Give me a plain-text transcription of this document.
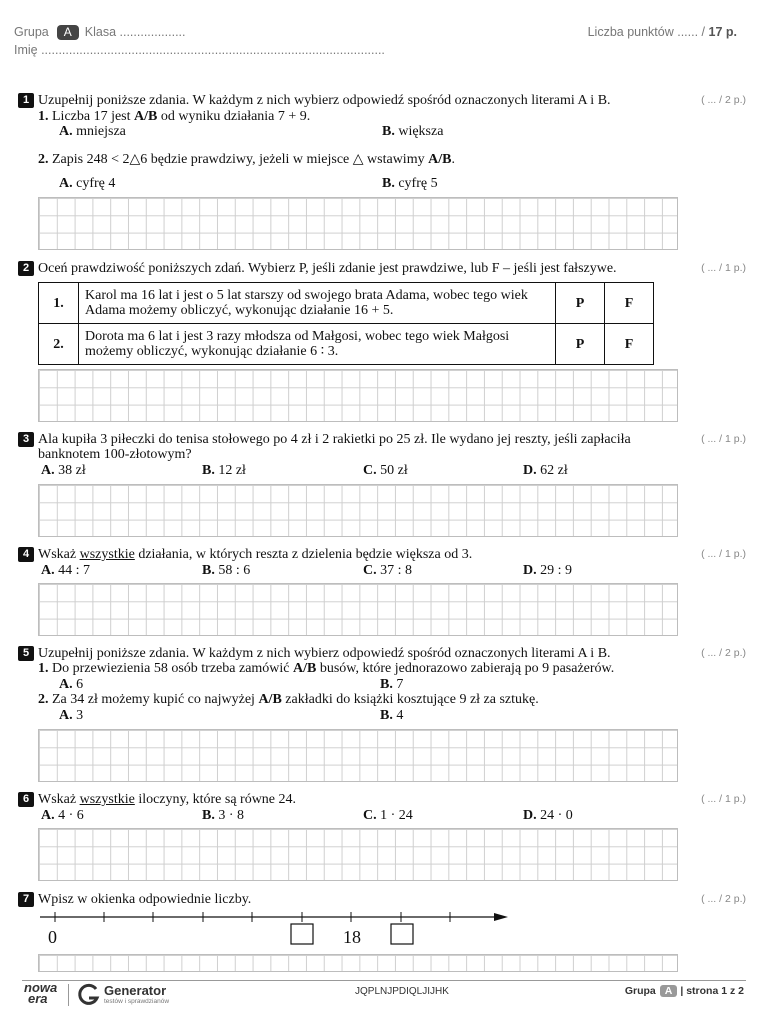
Grupa A Klasa ...................	Liczba punktów ...... / 17 p.
Imię ...................................................................................................
1 Uzupełnij poniższe zdania. W każdym z nich wybierz odpowiedź spośród oznaczonych literami A i B.	( ... / 2 p.)
1. Liczba 17 jest A/B od wyniku działania 7 + 9.
A. mniejsza	B. większa
2. Zapis 248 < 2△6 będzie prawdziwy, jeżeli w miejsce △ wstawimy A/B.
A. cyfrę 4	B. cyfrę 5
2 Oceń prawdziwość poniższych zdań. Wybierz P, jeśli zdanie jest prawdziwe, lub F – jeśli jest fałszywe.	( ... / 1 p.)
1.	Karol ma 16 lat i jest o 5 lat starszy od swojego brata Adama, wobec tego wiek
Adama możemy obliczyć, wykonując działanie 16 + 5.	P	F
2.	Dorota ma 6 lat i jest 3 razy młodsza od Małgosi, wobec tego wiek Małgosi
możemy obliczyć, wykonując działanie 6 ∶ 3.	P	F
3 Ala kupiła 3 piłeczki do tenisa stołowego po 4 zł i 2 rakietki po 25 zł. Ile wydano jej reszty, jeśli zapłaciła
banknotem 100-złotowym?
( ... / 1 p.)
A. 38 zł	B. 12 zł	C. 50 zł	D. 62 zł
4 Wskaż wszystkie działania, w których reszta z dzielenia będzie większa od 3.	( ... / 1 p.)
A. 44 : 7	B. 58 : 6	C. 37 : 8	D. 29 : 9
5 Uzupełnij poniższe zdania. W każdym z nich wybierz odpowiedź spośród oznaczonych literami A i B.	( ... / 2 p.)
1. Do przewiezienia 58 osób trzeba zamówić A/B busów, które jednorazowo zabierają po 9 pasażerów.
A. 6	B. 7
2. Za 34 zł możemy kupić co najwyżej A/B zakładki do książki kosztujące 9 zł za sztukę.
A. 3	B. 4
6 Wskaż wszystkie iloczyny, które są równe 24.	( ... / 1 p.)
A. 4 · 6	B. 3 · 8	C. 1 · 24	D. 24 · 0
7 Wpisz w okienka odpowiednie liczby.	( ... / 2 p.)
0	18
nowa
era
Generator
testów i sprawdzianów
JQPLNJPDIQLJIJHK	Grupa A | strona 1 z 2
